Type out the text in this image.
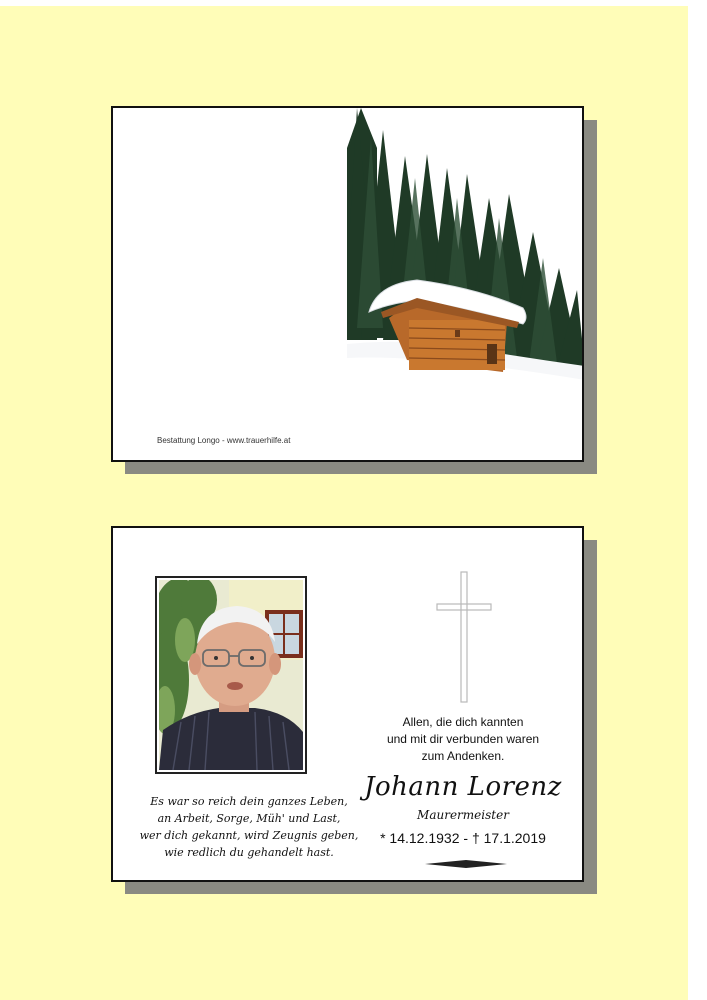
Bestattung Longo - www.trauerhilfe.at
Es war so reich dein ganzes Leben,
an Arbeit, Sorge, Müh' und Last,
wer dich gekannt, wird Zeugnis geben,
wie redlich du gehandelt hast.
Allen, die dich kannten
und mit dir verbunden waren
zum Andenken.
Johann Lorenz
Maurermeister
* 14.12.1932 - † 17.1.2019
